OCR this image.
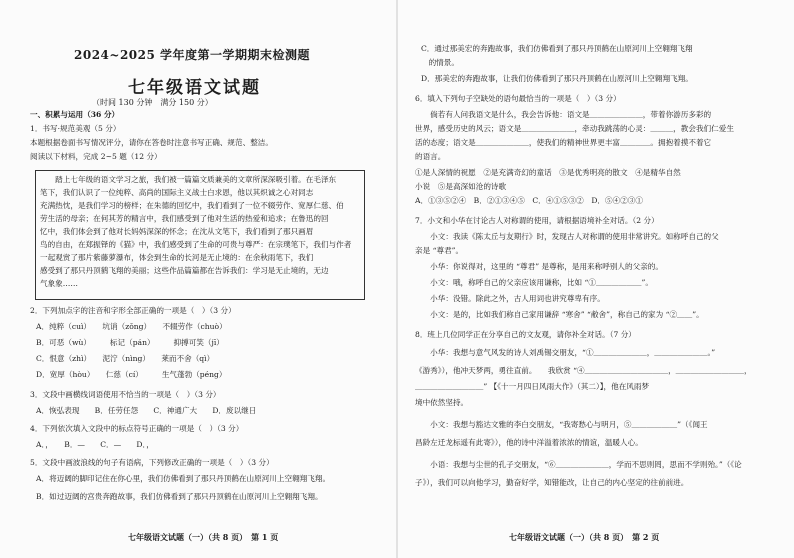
2024~2025 学年度第一学期期末检测题
七年级语文试题
（时间 130 分钟　满分 150 分）
一、积累与运用（36 分）
1．书写·规范美观（5 分）
本题根据卷面书写情况评分，请你在答卷时注意书写正确、规范、整洁。
阅读以下材料，完成 2~5 题（12 分）
　　踏上七年级的语文学习之旅，我们被一篇篇文质兼美的文章所深深吸引着。在毛泽东
笔下，我们认识了一位纯粹、高尚的国际主义战士白求恩，他以其炽诚之心对同志
充满热忱，是我们学习的榜样；在朱德的回忆中，我们看到了一位不辍劳作、宽厚仁慈、伯
劳生活的母亲；在何其芳的精言中，我们感受到了他对生活的热爱和追求；在鲁迅的回
忆中，我们体会到了他对长妈妈深深的怀念；在沈从文笔下，我们看到了那只画眉
鸟的自由，在郑振铎的《猫》中，我们感受到了生命的可贵与尊严：在宗璞笔下，我们与作者
一起观赏了那片紫藤萝瀑布，体会到生命的长河是无止境的：在余秋雨笔下，我们
感受到了那只丹顶鹤飞翔的美丽；这些作品篇篇都在告诉我们：学习是无止境的，无边
气象象……
2．下列加点字的注音和字形全部正确的一项是（　）（3 分）
A．纯粹（cuì）　　坑诮（zǒng）　　不辍劳作（chuò）
B．可恶（wù）　　　标记（pán）　　　抑搏可笑（jī）
C．恨意（zhì）　　泥泞（nìng）　　莱而不舍（qì）
D．宽厚（hòu）　　仁慈（cí）　　　生气蓬勃（péng）
3．文段中画横线词语使用不恰当的一项是（　）（3 分）
A．恢弘表现　　B．任劳任怨　　C．神通广大　　D．废以继日
4．下列依次填入文段中的标点符号正确的一项是（　）（3 分）
A．，　　B．—　　C．—　　D．，
5．文段中画波浪线的句子有语病，下列修改正确的一项是（　）（3 分）
A．将迈阔的脚印记住在你心里，我们仿佛看到了那只丹顶鹤在山原河川上空翱翔飞翔。
B．如过迈阔的宫贵奔跑故事，我们仿佛看到了那只丹顶鹤在山原河川上空翱翔飞翔。
七年级语文试题（一）（共 8 页）　第 1 页
C．通过那美宏的奔跑故事，我们仿佛看到了那只丹顶鹤在山原河川上空翱翔飞翔
　的情景。
D．那美宏的奔跑故事，让我们仿佛看到了那只丹顶鹤在山原河川上空翱翔飞翔。
6．填入下列句子空缺处的语句最恰当的一项是（　）（3 分）
　　倘若有人问我语文是什么，我会告诉他：语文是＿＿＿＿＿＿＿，带着你游历多彩的
世界，感受历史的风云；语文是＿＿＿＿＿＿＿，牵动我跳荡的心灵：＿＿＿，教会我们仁爱生
活的态度；语文是＿＿＿＿＿＿＿，使我们的精神世界更丰富＿＿＿＿。拥抱着摸不着它
的语言。
①是人深情的祝愿　②是充满奇幻的童话　③是优秀明亮的散文　④是精华自然
小说　⑤是高深如沧的诗歌
A．①③⑤②④　B．②①③④⑤　C．④①⑤③②　D．⑤④②③①
7．小文和小华在讨论古人对称谓的使用，请根据语境补全对话。（2 分）
　　小文：我读《陈太丘与友期行》时，发现古人对称谓的使用非常讲究。如称呼自己的父
亲是 “尊君”。
　　小华：你说得对，这里的 “尊君” 是尊称，是用来称呼别人的父亲的。
　　小文：哦，称呼自己的父亲应该用谦称，比如 “①＿＿＿＿＿＿”。
　　小华：没错。除此之外，古人用词也讲究尊卑有序。
　　小文：是的，比如我们称自己家用谦辞 “寒舍” “敝舍”，称自己的家为 “②＿＿”。
8．班上几位同学正在分享自己的文友观，请你补全对话。（7 分）
　　小华：我想与意气风发的诗人刘禹锡交朋友，“①＿＿＿＿＿＿＿，＿＿＿＿＿＿＿。”
《游秀》），他冲天梦两，勇往直前。　　我欣赏 “④＿＿＿＿＿＿＿＿＿＿＿，＿＿＿＿＿＿＿＿＿，
＿＿＿＿＿＿＿＿＿” 【《十一月四日风雨大作》（其二）】，他在风雨梦
境中依然坚持。
　　小文：我想与豁达文雅的李白交朋友，“我寄愁心与明月，⑤＿＿＿＿＿＿”（《闻王
昌龄左迁龙标遥有此寄》），他的诗中洋溢着浓浓的情谊，温暖人心。
　　小语：我想与尘世的孔子交朋友，“⑥＿＿＿＿＿＿＿，学而不思则罔，思而不学则殆。”（《论
子》），我们可以向他学习，勤奋好学，知错能改，让自己的内心坚定的往前前进。
七年级语文试题（一）（共 8 页）　第 2 页
